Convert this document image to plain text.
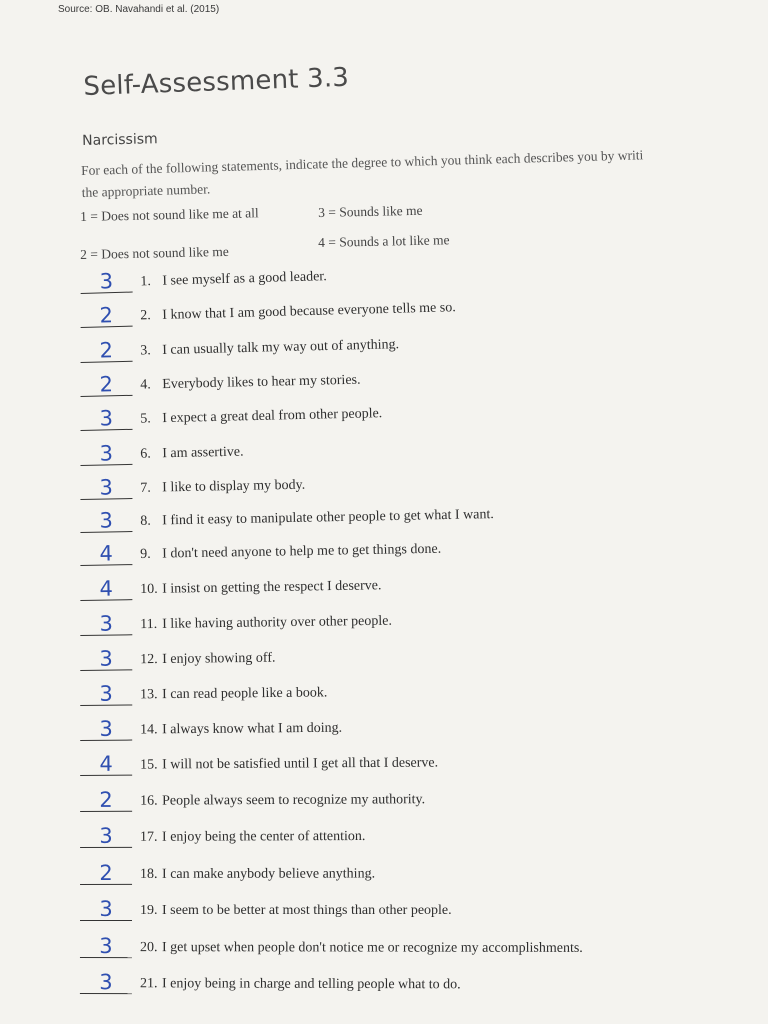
Source: OB. Navahandi et al. (2015)
Self-Assessment 3.3
Narcissism
For each of the following statements, indicate the degree to which you think each describes you by writi
the appropriate number.
1 = Does not sound like me at all	3 = Sounds like me
2 = Does not sound like me
4 = Sounds a lot like me
3	1. I see myself as a good leader.
2	2. I know that I am good because everyone tells me so.
2	3. I can usually talk my way out of anything.
2	4. Everybody likes to hear my stories.
3	5. I expect a great deal from other people.
3	6. I am assertive.
3	7. I like to display my body.
3	8. I find it easy to manipulate other people to get what I want.
4	9. I don't need anyone to help me to get things done.
4	10. I insist on getting the respect I deserve.
3	11. I like having authority over other people.
3	12. I enjoy showing off.
3	13. I can read people like a book.
3	14. I always know what I am doing.
4	15. I will not be satisfied until I get all that I deserve.
2	16. People always seem to recognize my authority.
3	17. I enjoy being the center of attention.
2	18. I can make anybody believe anything.
3	19. I seem to be better at most things than other people.
3	20. I get upset when people don't notice me or recognize my accomplishments.
3	21. I enjoy being in charge and telling people what to do.
